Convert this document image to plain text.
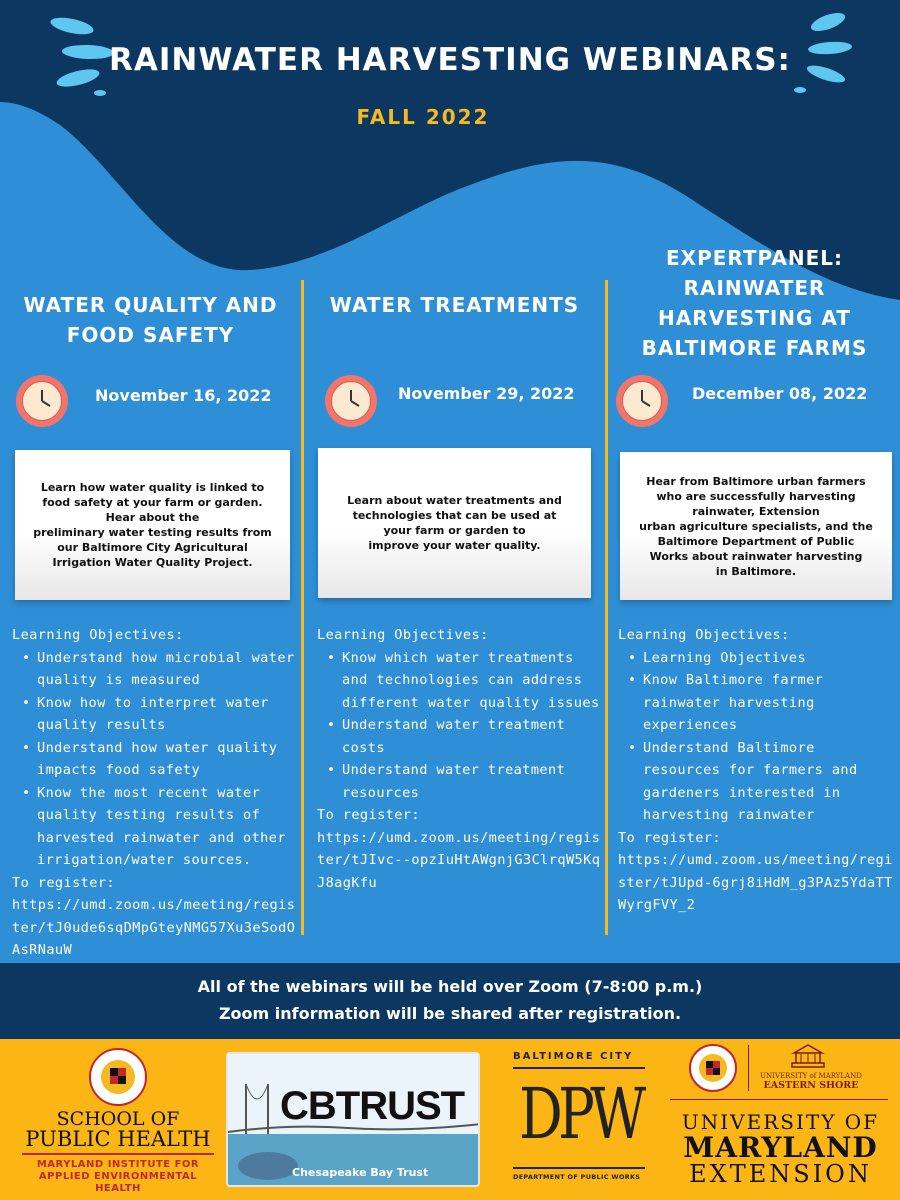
RAINWATER HARVESTING WEBINARS:
FALL 2022
WATER QUALITY AND
FOOD SAFETY
November 16, 2022
Learn how water quality is linked to
food safety at your farm or garden.
Hear about the
preliminary water testing results from
our Baltimore City Agricultural
Irrigation Water Quality Project.
Learning Objectives:
• Understand how microbial water quality is measured
• Know how to interpret water quality results
• Understand how water quality impacts food safety
• Know the most recent water quality testing results of harvested rainwater and other irrigation/water sources.
To register:
https://umd.zoom.us/meeting/register/tJ0ude6sqDMpGteyNMG57Xu3eSodOAsRNauW
WATER TREATMENTS
November 29, 2022
Learn about water treatments and
technologies that can be used at
your farm or garden to
improve your water quality.
Learning Objectives:
• Know which water treatments and technologies can address different water quality issues
• Understand water treatment costs
• Understand water treatment resources
To register:
https://umd.zoom.us/meeting/register/tJIvc--opzIuHtAWgnjG3ClrqW5KqJ8agKfu
EXPERTPANEL:
RAINWATER
HARVESTING AT
BALTIMORE FARMS
December 08, 2022
Hear from Baltimore urban farmers
who are successfully harvesting
rainwater, Extension
urban agriculture specialists, and the
Baltimore Department of Public
Works about rainwater harvesting
in Baltimore.
Learning Objectives:
• Learning Objectives
• Know Baltimore farmer rainwater harvesting experiences
• Understand Baltimore resources for farmers and gardeners interested in harvesting rainwater
To register:
https://umd.zoom.us/meeting/register/tJUpd-6grj8iHdM_g3PAz5YdaTTWyrgFVY_2
All of the webinars will be held over Zoom (7-8:00 p.m.)
Zoom information will be shared after registration.
SCHOOL OF
PUBLIC HEALTH
MARYLAND INSTITUTE FOR
APPLIED ENVIRONMENTAL HEALTH
CBTRUST
Chesapeake Bay Trust
BALTIMORE CITY
DPW
DEPARTMENT OF PUBLIC WORKS
UNIVERSITY of MARYLAND
EASTERN SHORE
UNIVERSITY OF
MARYLAND
EXTENSION
